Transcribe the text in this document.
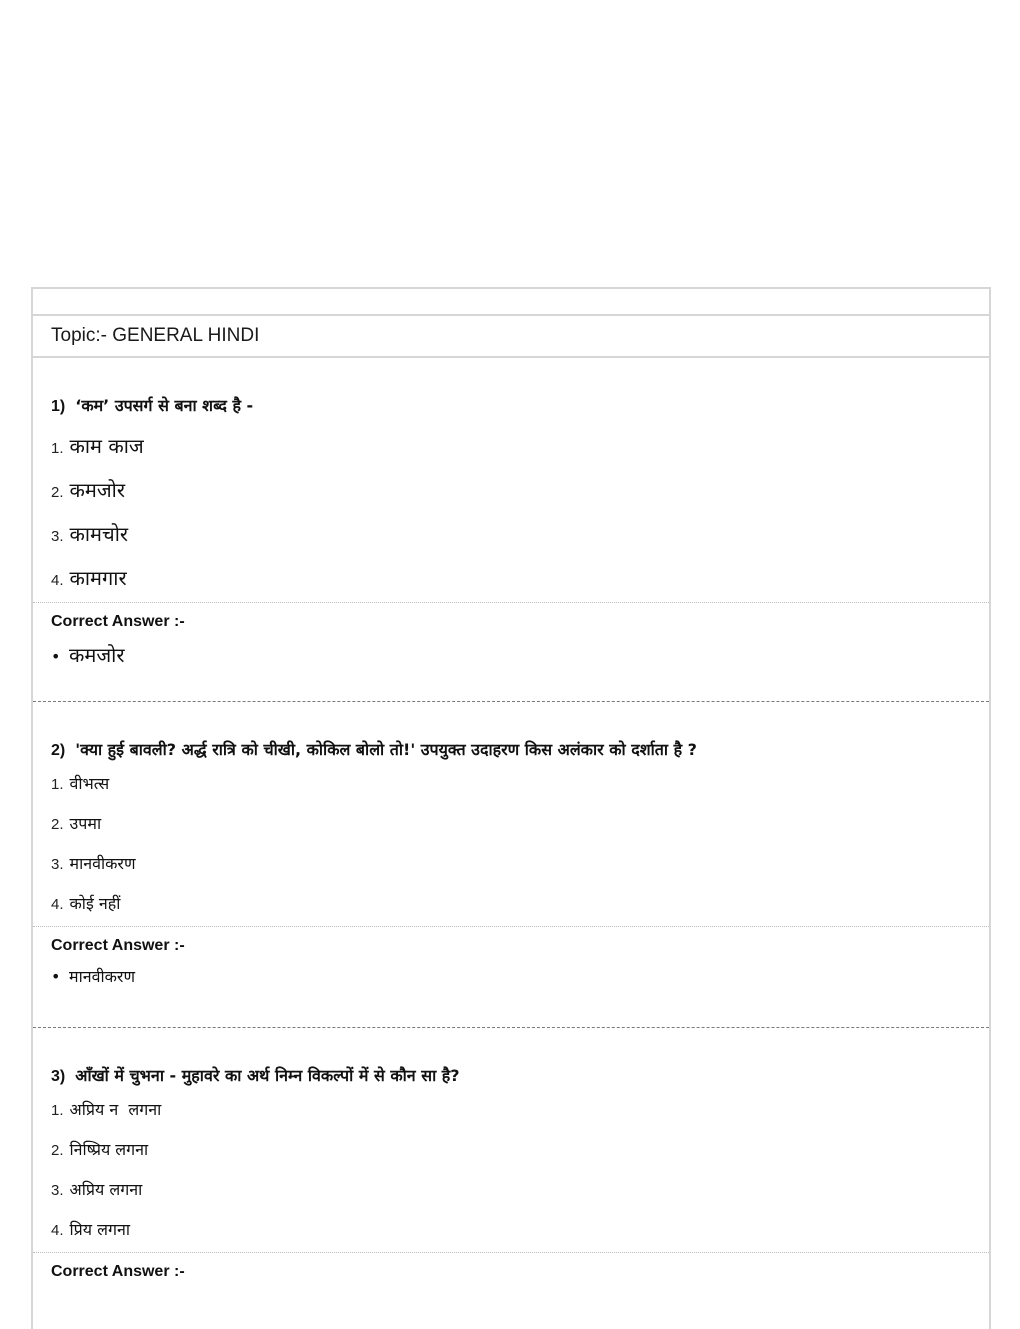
Topic:- GENERAL HINDI
1) ‘कम’ उपसर्ग से बना शब्द है -
1. काम काज
2. कमजोर
3. कामचोर
4. कामगार
Correct Answer :-
• कमजोर
2) 'क्या हुई बावली? अर्द्ध रात्रि को चीखी, कोकिल बोलो तो!' उपयुक्त उदाहरण किस अलंकार को दर्शाता है ?
1. वीभत्स
2. उपमा
3. मानवीकरण
4. कोई नहीं
Correct Answer :-
• मानवीकरण
3) आँखों में चुभना - मुहावरे का अर्थ निम्न विकल्पों में से कौन सा है?
1. अप्रिय न  लगना
2. निष्प्रिय लगना
3. अप्रिय लगना
4. प्रिय लगना
Correct Answer :-
